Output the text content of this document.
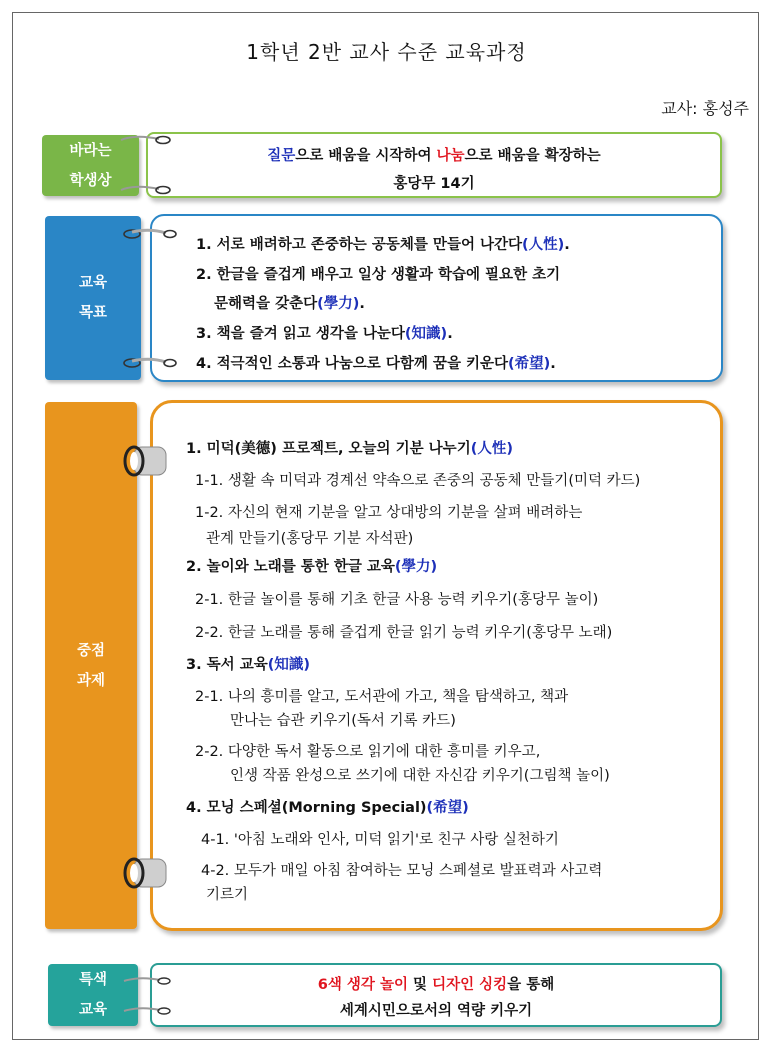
1학년 2반 교사 수준 교육과정
교사: 홍성주
바라는
학생상
질문으로 배움을 시작하여 나눔으로 배움을 확장하는
홍당무 14기
교육
목표
1. 서로 배려하고 존중하는 공동체를 만들어 나간다(人性).
2. 한글을 즐겁게 배우고 일상 생활과 학습에 필요한 초기
문해력을 갖춘다(學力).
3. 책을 즐겨 읽고 생각을 나눈다(知識).
4. 적극적인 소통과 나눔으로 다함께 꿈을 키운다(希望).
중점
과제
1. 미덕(美德) 프로젝트, 오늘의 기분 나누기(人性)
1-1. 생활 속 미덕과 경계선 약속으로 존중의 공동체 만들기(미덕 카드)
1-2. 자신의 현재 기분을 알고 상대방의 기분을 살펴 배려하는
관계 만들기(홍당무 기분 자석판)
2. 놀이와 노래를 통한 한글 교육(學力)
2-1. 한글 놀이를 통해 기초 한글 사용 능력 키우기(홍당무 놀이)
2-2. 한글 노래를 통해 즐겁게 한글 읽기 능력 키우기(홍당무 노래)
3. 독서 교육(知識)
2-1. 나의 흥미를 알고, 도서관에 가고, 책을 탐색하고, 책과
만나는 습관 키우기(독서 기록 카드)
2-2. 다양한 독서 활동으로 읽기에 대한 흥미를 키우고,
인생 작품 완성으로 쓰기에 대한 자신감 키우기(그림책 놀이)
4. 모닝 스페셜(Morning Special)(希望)
4-1. '아침 노래와 인사, 미덕 읽기'로 친구 사랑 실천하기
4-2. 모두가 매일 아침 참여하는 모닝 스페셜로 발표력과 사고력
기르기
특색
교육
6색 생각 놀이 및 디자인 싱킹을 통해
세계시민으로서의 역량 키우기
